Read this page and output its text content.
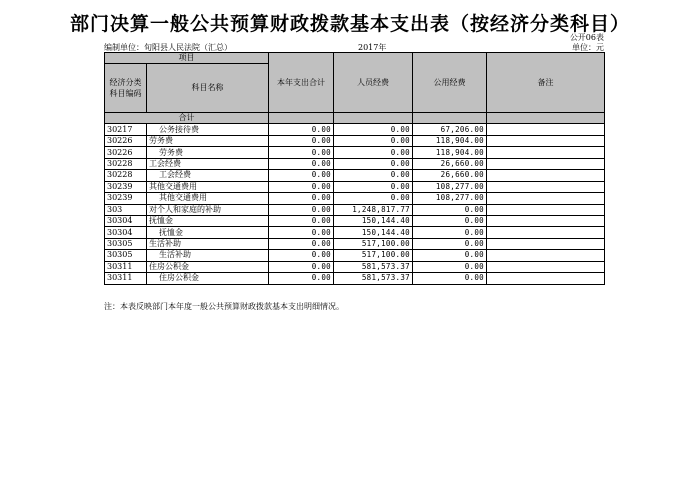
部门决算一般公共预算财政拨款基本支出表（按经济分类科目）
公开06表
编制单位：旬阳县人民法院（汇总）	2017年	单位：元
项目		本年支出合计	人员经费	公用经费	备注
经济分类科目编码	科目名称				
合计					
30217	公务接待费	0.00	0.00	67,206.00	
30226	劳务费	0.00	0.00	118,904.00	
30226	劳务费	0.00	0.00	118,904.00	
30228	工会经费	0.00	0.00	26,660.00	
30228	工会经费	0.00	0.00	26,660.00	
30239	其他交通费用	0.00	0.00	108,277.00	
30239	其他交通费用	0.00	0.00	108,277.00	
303	对个人和家庭的补助	0.00	1,248,817.77	0.00	
30304	抚恤金	0.00	150,144.40	0.00	
30304	抚恤金	0.00	150,144.40	0.00	
30305	生活补助	0.00	517,100.00	0.00	
30305	生活补助	0.00	517,100.00	0.00	
30311	住房公积金	0.00	581,573.37	0.00	
30311	住房公积金	0.00	581,573.37	0.00	
注：本表反映部门本年度一般公共预算财政拨款基本支出明细情况。
